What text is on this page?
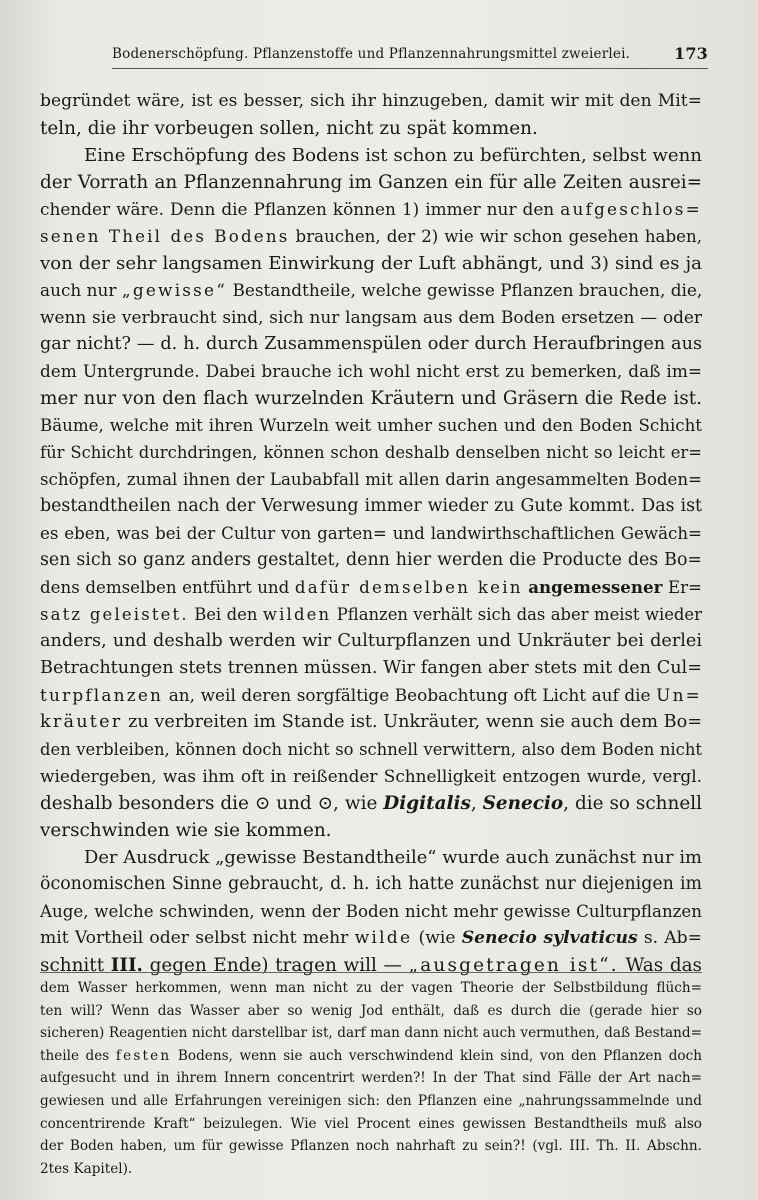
Bodenerschöpfung. Pflanzenstoffe und Pflanzennahrungsmittel zweierlei.	173
begründet wäre, ist es besser, sich ihr hinzugeben, damit wir mit den Mit=
teln, die ihr vorbeugen sollen, nicht zu spät kommen.
Eine Erschöpfung des Bodens ist schon zu befürchten, selbst wenn
der Vorrath an Pflanzennahrung im Ganzen ein für alle Zeiten ausrei=
chender wäre. Denn die Pflanzen können 1) immer nur den aufgeschlos=
senen Theil des Bodens brauchen, der 2) wie wir schon gesehen haben,
von der sehr langsamen Einwirkung der Luft abhängt, und 3) sind es ja
auch nur „gewisse“ Bestandtheile, welche gewisse Pflanzen brauchen, die,
wenn sie verbraucht sind, sich nur langsam aus dem Boden ersetzen — oder
gar nicht? — d. h. durch Zusammenspülen oder durch Heraufbringen aus
dem Untergrunde. Dabei brauche ich wohl nicht erst zu bemerken, daß im=
mer nur von den flach wurzelnden Kräutern und Gräsern die Rede ist.
Bäume, welche mit ihren Wurzeln weit umher suchen und den Boden Schicht
für Schicht durchdringen, können schon deshalb denselben nicht so leicht er=
schöpfen, zumal ihnen der Laubabfall mit allen darin angesammelten Boden=
bestandtheilen nach der Verwesung immer wieder zu Gute kommt. Das ist
es eben, was bei der Cultur von garten= und landwirthschaftlichen Gewäch=
sen sich so ganz anders gestaltet, denn hier werden die Producte des Bo=
dens demselben entführt und dafür demselben kein angemessener Er=
satz geleistet. Bei den wilden Pflanzen verhält sich das aber meist wieder
anders, und deshalb werden wir Culturpflanzen und Unkräuter bei derlei
Betrachtungen stets trennen müssen. Wir fangen aber stets mit den Cul=
turpflanzen an, weil deren sorgfältige Beobachtung oft Licht auf die Un=
kräuter zu verbreiten im Stande ist. Unkräuter, wenn sie auch dem Bo=
den verbleiben, können doch nicht so schnell verwittern, also dem Boden nicht
wiedergeben, was ihm oft in reißender Schnelligkeit entzogen wurde, vergl.
deshalb besonders die ⊙ und ⊙, wie Digitalis, Senecio, die so schnell
verschwinden wie sie kommen.
Der Ausdruck „gewisse Bestandtheile“ wurde auch zunächst nur im
öconomischen Sinne gebraucht, d. h. ich hatte zunächst nur diejenigen im
Auge, welche schwinden, wenn der Boden nicht mehr gewisse Culturpflanzen
mit Vortheil oder selbst nicht mehr wilde (wie Senecio sylvaticus s. Ab=
schnitt III. gegen Ende) tragen will — „ausgetragen ist“. Was das
dem Wasser herkommen, wenn man nicht zu der vagen Theorie der Selbstbildung flüch=
ten will? Wenn das Wasser aber so wenig Jod enthält, daß es durch die (gerade hier so
sicheren) Reagentien nicht darstellbar ist, darf man dann nicht auch vermuthen, daß Bestand=
theile des festen Bodens, wenn sie auch verschwindend klein sind, von den Pflanzen doch
aufgesucht und in ihrem Innern concentrirt werden?! In der That sind Fälle der Art nach=
gewiesen und alle Erfahrungen vereinigen sich: den Pflanzen eine „nahrungssammelnde und
concentrirende Kraft“ beizulegen. Wie viel Procent eines gewissen Bestandtheils muß also
der Boden haben, um für gewisse Pflanzen noch nahrhaft zu sein?! (vgl. III. Th. II. Abschn.
2tes Kapitel).
